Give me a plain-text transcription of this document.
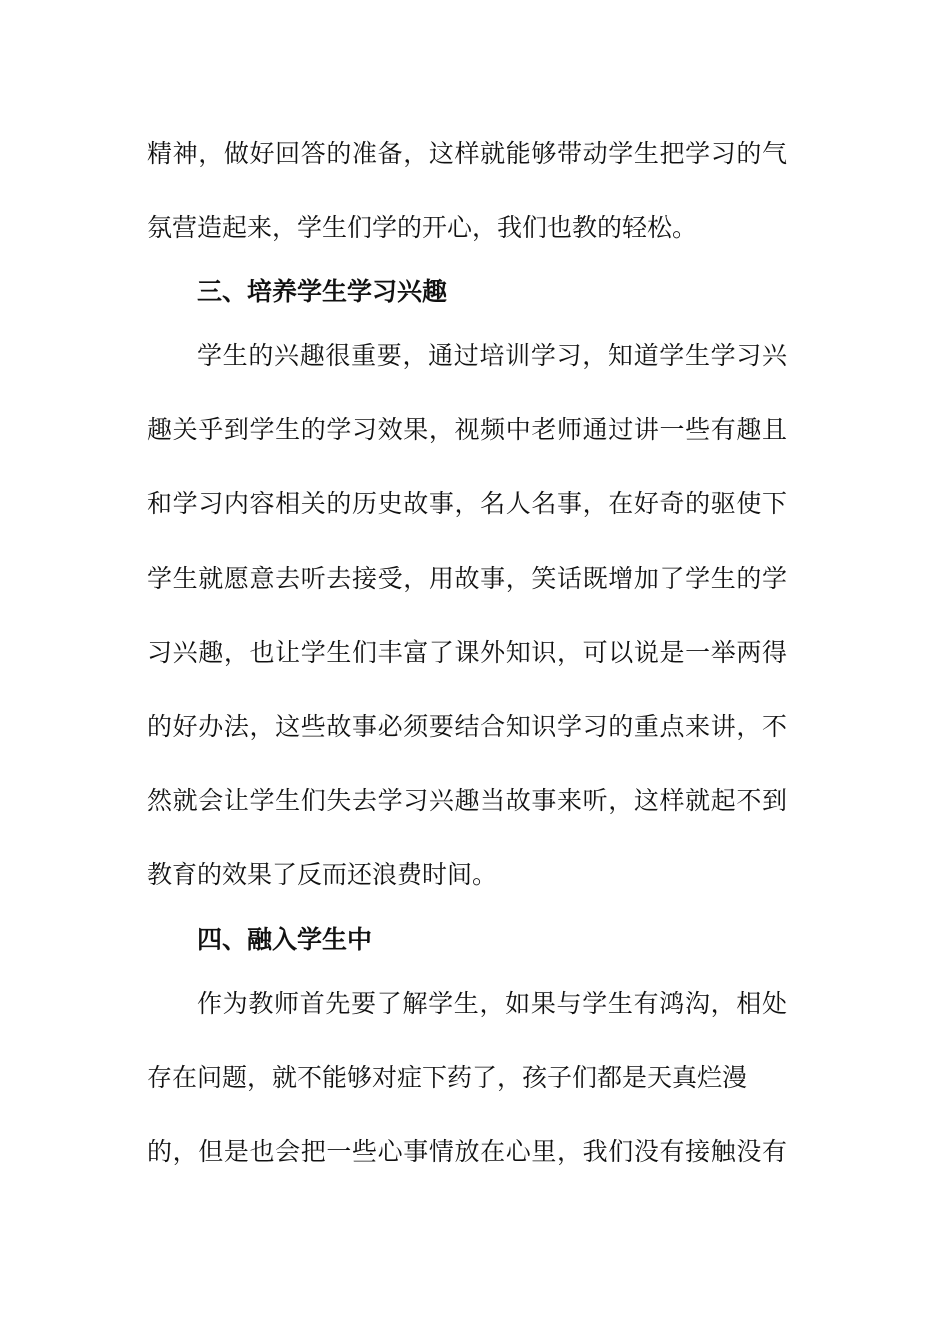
精神，做好回答的准备，这样就能够带动学生把学习的气
氛营造起来，学生们学的开心，我们也教的轻松。
三、培养学生学习兴趣
学生的兴趣很重要，通过培训学习，知道学生学习兴
趣关乎到学生的学习效果，视频中老师通过讲一些有趣且
和学习内容相关的历史故事，名人名事，在好奇的驱使下
学生就愿意去听去接受，用故事，笑话既增加了学生的学
习兴趣，也让学生们丰富了课外知识，可以说是一举两得
的好办法，这些故事必须要结合知识学习的重点来讲，不
然就会让学生们失去学习兴趣当故事来听，这样就起不到
教育的效果了反而还浪费时间。
四、融入学生中
作为教师首先要了解学生，如果与学生有鸿沟，相处
存在问题，就不能够对症下药了，孩子们都是天真烂漫
的，但是也会把一些心事情放在心里，我们没有接触没有
